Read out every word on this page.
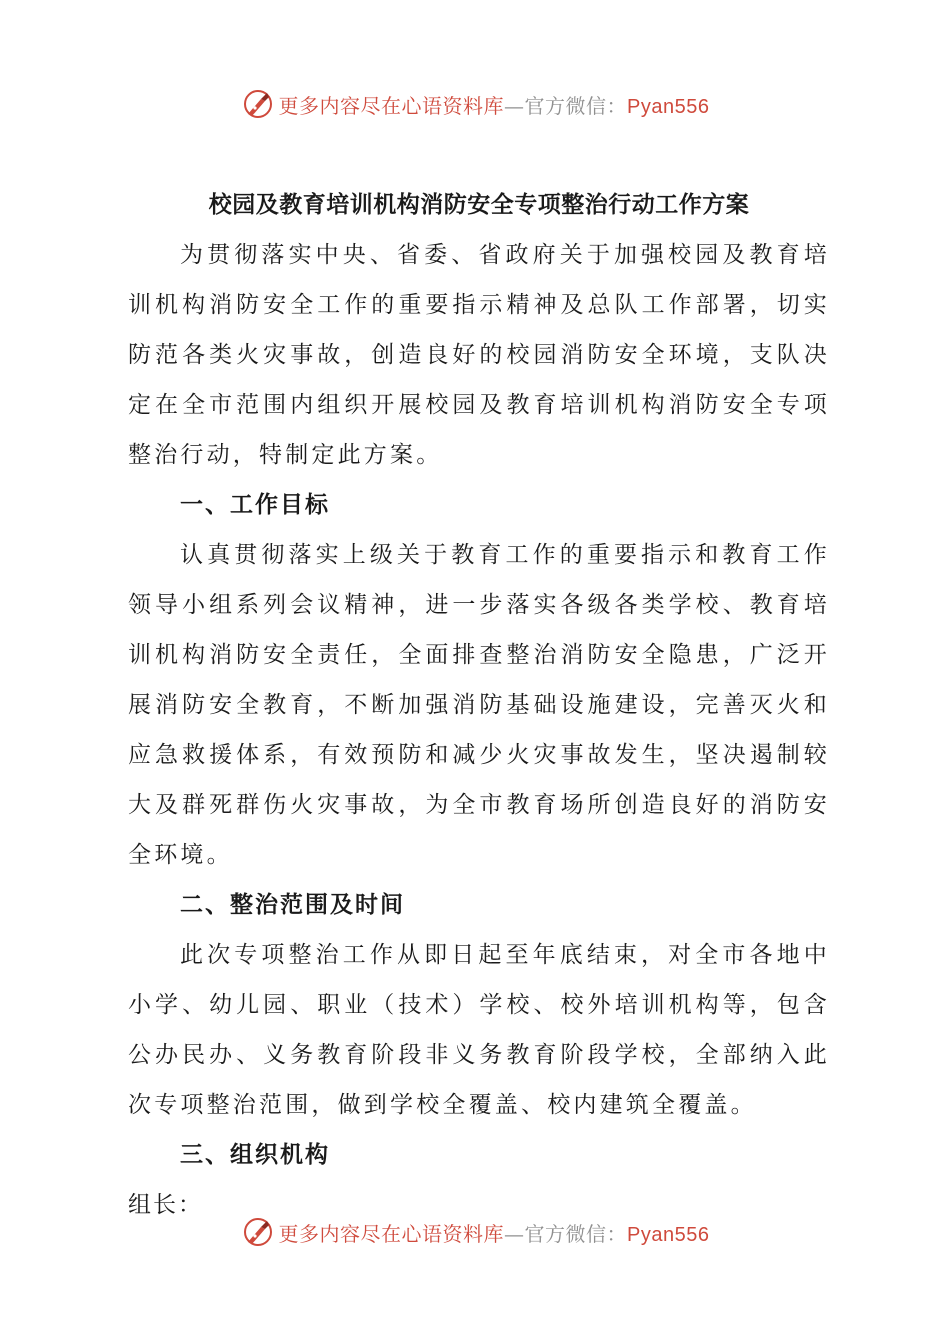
更多内容尽在心语资料库—官方微信：Pyan556
校园及教育培训机构消防安全专项整治行动工作方案

为贯彻落实中央、省委、省政府关于加强校园及教育培训机构消防安全工作的重要指示精神及总队工作部署，切实防范各类火灾事故，创造良好的校园消防安全环境，支队决定在全市范围内组织开展校园及教育培训机构消防安全专项整治行动，特制定此方案。

一、工作目标

认真贯彻落实上级关于教育工作的重要指示和教育工作领导小组系列会议精神，进一步落实各级各类学校、教育培训机构消防安全责任，全面排查整治消防安全隐患，广泛开展消防安全教育，不断加强消防基础设施建设，完善灭火和应急救援体系，有效预防和减少火灾事故发生，坚决遏制较大及群死群伤火灾事故，为全市教育场所创造良好的消防安全环境。

二、整治范围及时间

此次专项整治工作从即日起至年底结束，对全市各地中小学、幼儿园、职业（技术）学校、校外培训机构等，包含公办民办、义务教育阶段非义务教育阶段学校，全部纳入此次专项整治范围，做到学校全覆盖、校内建筑全覆盖。

三、组织机构

组长：

更多内容尽在心语资料库—官方微信：Pyan556
